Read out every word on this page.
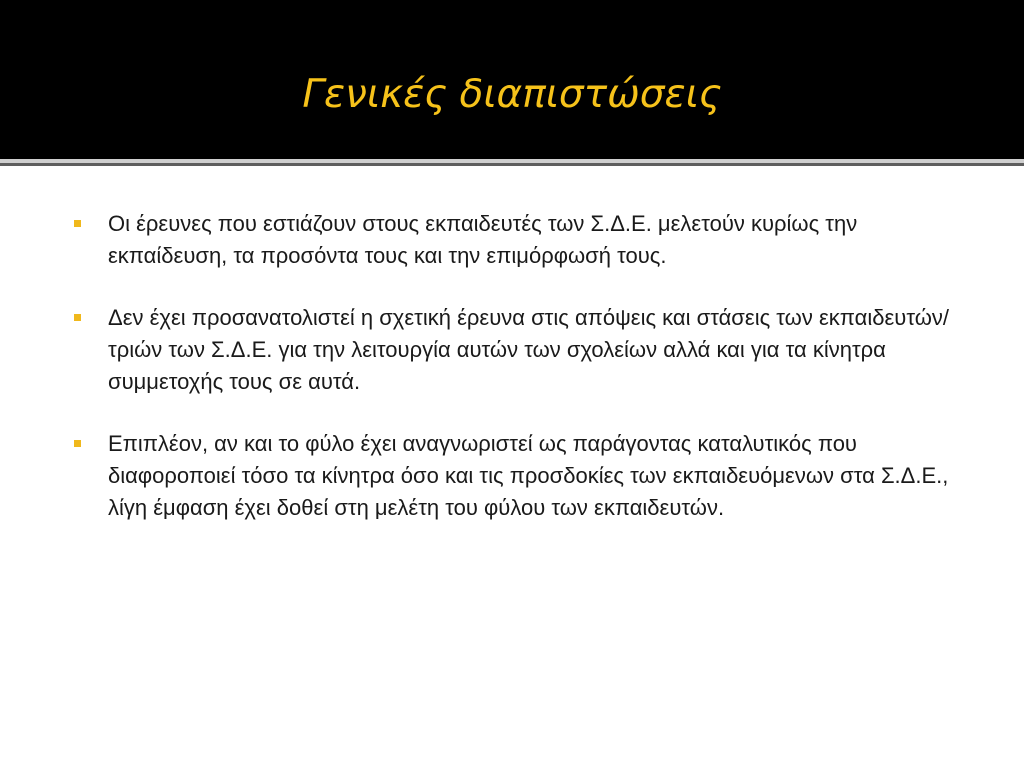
Γενικές διαπιστώσεις
Οι έρευνες που εστιάζουν στους εκπαιδευτές των Σ.Δ.Ε. μελετούν κυρίως την εκπαίδευση, τα προσόντα τους και την επιμόρφωσή τους.
Δεν έχει προσανατολιστεί η σχετική έρευνα στις απόψεις και στάσεις των εκπαιδευτών/ τριών των Σ.Δ.Ε. για την λειτουργία αυτών των σχολείων αλλά και για τα κίνητρα συμμετοχής τους σε αυτά.
Επιπλέον, αν και το φύλο έχει αναγνωριστεί ως παράγοντας καταλυτικός που διαφοροποιεί τόσο τα κίνητρα όσο και τις προσδοκίες των εκπαιδευόμενων στα Σ.Δ.Ε., λίγη έμφαση έχει δοθεί στη μελέτη του φύλου των εκπαιδευτών.
